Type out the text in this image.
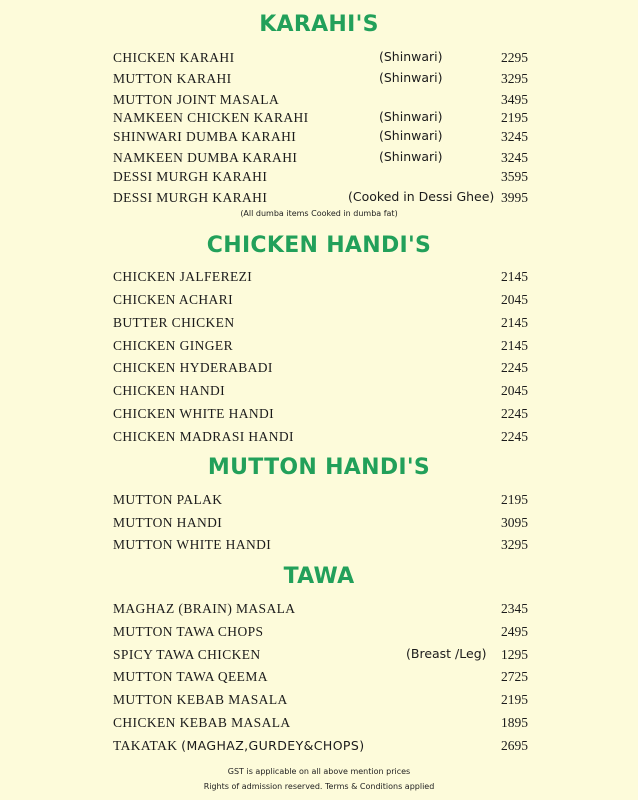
KARAHI'S
CHICKEN KARAHI	(Shinwari)	2295
MUTTON KARAHI	(Shinwari)	3295
MUTTON JOINT MASALA	3495
NAMKEEN CHICKEN KARAHI	(Shinwari)	2195
SHINWARI DUMBA KARAHI	(Shinwari)	3245
NAMKEEN DUMBA KARAHI	(Shinwari)	3245
DESSI MURGH KARAHI	3595
DESSI MURGH KARAHI	(Cooked in Dessi Ghee) 3995
(All dumba items Cooked in dumba fat)
CHICKEN HANDI'S
CHICKEN JALFEREZI	2145
CHICKEN ACHARI	2045
BUTTER CHICKEN	2145
CHICKEN GINGER	2145
CHICKEN HYDERABADI	2245
CHICKEN HANDI	2045
CHICKEN WHITE HANDI	2245
CHICKEN MADRASI HANDI	2245
MUTTON HANDI'S
MUTTON PALAK	2195
MUTTON HANDI	3095
MUTTON WHITE HANDI	3295
TAWA
MAGHAZ (BRAIN) MASALA	2345
MUTTON TAWA CHOPS	2495
SPICY TAWA CHICKEN	(Breast /Leg) 1295
MUTTON TAWA QEEMA	2725
MUTTON KEBAB MASALA	2195
CHICKEN KEBAB MASALA	1895
TAKATAK (MAGHAZ,GURDEY&CHOPS)	2695
GST is applicable on all above mention prices
Rights of admission reserved. Terms & Conditions applied
